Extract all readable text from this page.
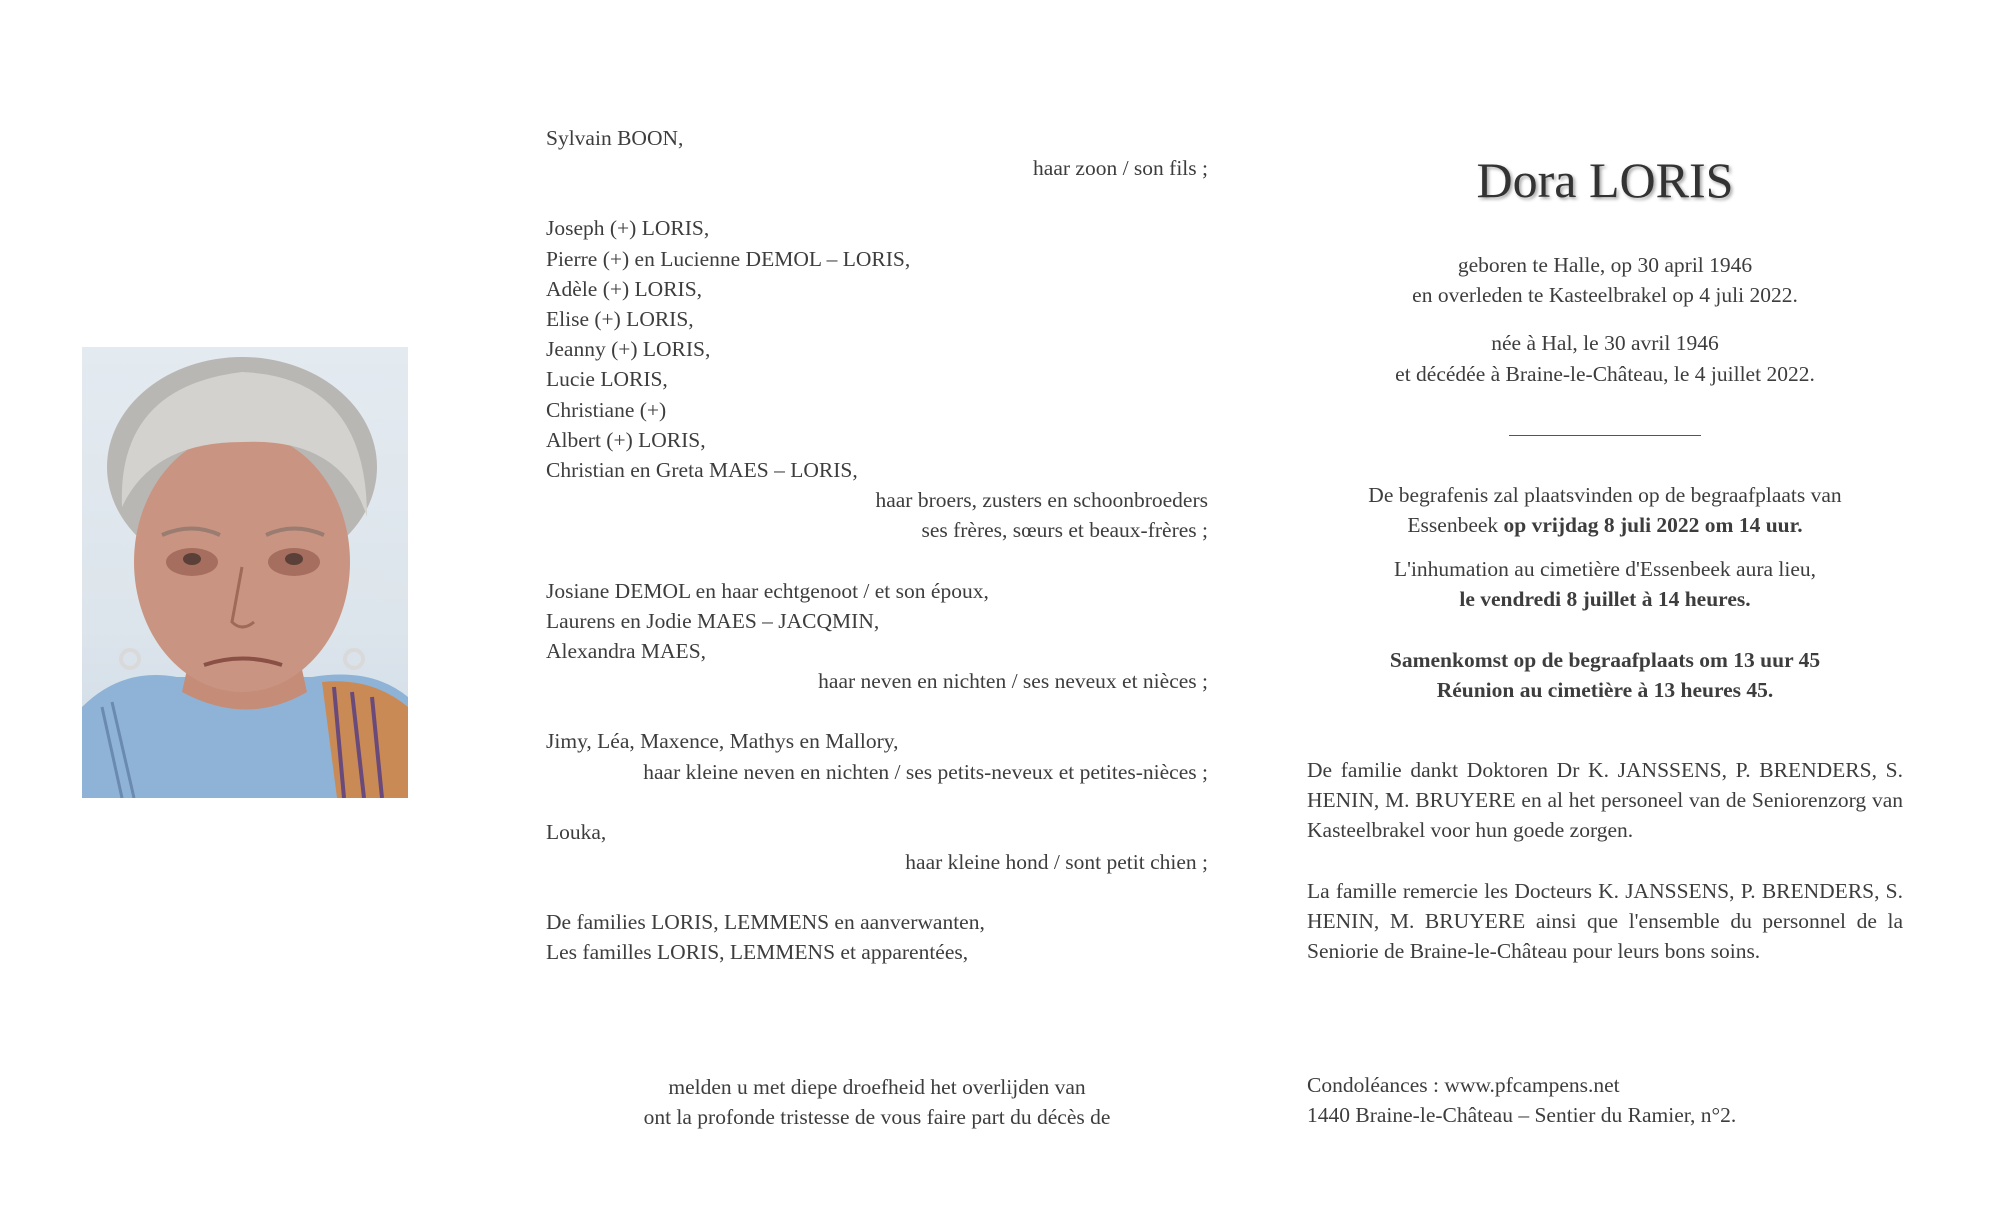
Sylvain BOON,
haar zoon / son fils ;
Joseph (+) LORIS,
Pierre (+) en Lucienne DEMOL – LORIS,
Adèle (+) LORIS,
Elise (+) LORIS,
Jeanny (+) LORIS,
Lucie LORIS,
Christiane (+)
Albert (+) LORIS,
Christian en Greta MAES – LORIS,
haar broers, zusters en schoonbroeders
ses frères, sœurs et beaux-frères ;
Josiane DEMOL en haar echtgenoot / et son époux,
Laurens en Jodie MAES – JACQMIN,
Alexandra MAES,
haar neven en nichten / ses neveux et nièces ;
Jimy, Léa, Maxence, Mathys en Mallory,
haar kleine neven en nichten / ses petits-neveux et petites-nièces ;
Louka,
haar kleine hond / sont petit chien ;
De families LORIS, LEMMENS en aanverwanten,
Les familles LORIS, LEMMENS et apparentées,
melden u met diepe droefheid het overlijden van
ont la profonde tristesse de vous faire part du décès de
Dora LORIS
geboren te Halle, op 30 april 1946
en overleden te Kasteelbrakel op 4 juli 2022.
née à Hal, le 30 avril 1946
et décédée à Braine-le-Château, le 4 juillet 2022.
De begrafenis zal plaatsvinden op de begraafplaats van Essenbeek op vrijdag 8 juli 2022 om 14 uur.
L'inhumation au cimetière d'Essenbeek aura lieu,
le vendredi 8 juillet à 14 heures.
Samenkomst op de begraafplaats om 13 uur 45
Réunion au cimetière à 13 heures 45.
De familie dankt Doktoren Dr K. JANSSENS, P. BRENDERS, S. HENIN, M. BRUYERE en al het personeel van de Seniorenzorg van Kasteelbrakel voor hun goede zorgen.
La famille remercie les Docteurs K. JANSSENS, P. BRENDERS, S. HENIN, M. BRUYERE ainsi que l'ensemble du personnel de la Seniorie de Braine-le-Château pour leurs bons soins.
Condoléances : www.pfcampens.net
1440 Braine-le-Château – Sentier du Ramier, n°2.
